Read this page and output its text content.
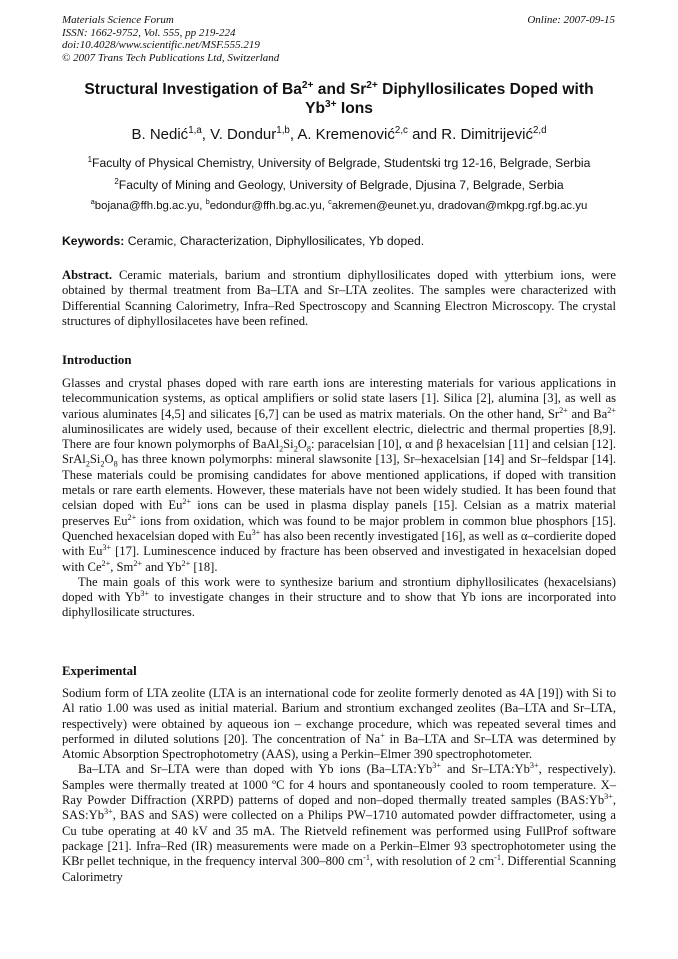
Materials Science Forum
ISSN: 1662-9752, Vol. 555, pp 219-224
doi:10.4028/www.scientific.net/MSF.555.219
© 2007 Trans Tech Publications Ltd, Switzerland
Online: 2007-09-15
Structural Investigation of $Ba^{2+}$ and $Sr^{2+}$ Diphyllosilicates Doped with
$Yb^{3+}$ Ions
B. Nedić$^{1,a}$, V. Dondur$^{1,b}$, A. Kremenović$^{2,c}$ and R. Dimitrijević$^{2,d}$
$^1$Faculty of Physical Chemistry, University of Belgrade, Studentski trg 12-16, Belgrade, Serbia
$^2$Faculty of Mining and Geology, University of Belgrade, Djusina 7, Belgrade, Serbia
$^a$bojana@ffh.bg.ac.yu, $^b$edondur@ffh.bg.ac.yu, $^c$akremen@eunet.yu, dradovan@mkpg.rgf.bg.ac.yu
Keywords: Ceramic, Characterization, Diphyllosilicates, Yb doped.

Abstract. Ceramic materials, barium and strontium diphyllosilicates doped with ytterbium ions, were obtained by thermal treatment from Ba–LTA and Sr–LTA zeolites. The samples were characterized with Differential Scanning Calorimetry, Infra–Red Spectroscopy and Scanning Electron Microscopy. The crystal structures of diphyllosilacetes have been refined.

Introduction

Glasses and crystal phases doped with rare earth ions are interesting materials for various applications in telecommunication systems, as optical amplifiers or solid state lasers [1]. Silica [2], alumina [3], as well as various aluminates [4,5] and silicates [6,7] can be used as matrix materials. On the other hand, $Sr^{2+}$ and $Ba^{2+}$ aluminosilicates are widely used, because of their excellent electric, dielectric and thermal properties [8,9]. There are four known polymorphs of $BaAl_2Si_2O_8$: paracelsian [10], α and β hexacelsian [11] and celsian [12]. $SrAl_2Si_2O_8$ has three known polymorphs: mineral slawsonite [13], Sr–hexacelsian [14] and Sr–feldspar [14]. These materials could be promising candidates for above mentioned applications, if doped with transition metals or rare earth elements. However, these materials have not been widely studied. It has been found that celsian doped with $Eu^{2+}$ ions can be used in plasma display panels [15]. Celsian as a matrix material preserves $Eu^{2+}$ ions from oxidation, which was found to be major problem in common blue phosphors [15]. Quenched hexacelsian doped with $Eu^{3+}$ has also been recently investigated [16], as well as α–cordierite doped with $Eu^{3+}$ [17]. Luminescence induced by fracture has been observed and investigated in hexacelsian doped with $Ce^{2+}$, $Sm^{2+}$ and $Yb^{2+}$ [18].

The main goals of this work were to synthesize barium and strontium diphyllosilicates (hexacelsians) doped with $Yb^{3+}$ to investigate changes in their structure and to show that Yb ions are incorporated into diphyllosilicate structures.

Experimental

Sodium form of LTA zeolite (LTA is an international code for zeolite formerly denoted as 4A [19]) with Si to Al ratio 1.00 was used as initial material. Barium and strontium exchanged zeolites (Ba–LTA and Sr–LTA, respectively) were obtained by aqueous ion – exchange procedure, which was repeated several times and performed in diluted solutions [20]. The concentration of Na+ in Ba–LTA and Sr–LTA was determined by Atomic Absorption Spectrophotometry (AAS), using a Perkin–Elmer 390 spectrophotometer.

Ba–LTA and Sr–LTA were than doped with Yb ions ($Ba-LTA:Yb^{3+}$ and $Sr-LTA:Yb^{3+}$, respectively). Samples were thermally treated at 1000 ºC for 4 hours and spontaneously cooled to room temperature. X–Ray Powder Diffraction (XRPD) patterns of doped and non–doped thermally treated samples ($BAS:Yb^{3+}$, $SAS:Yb^{3+}$, BAS and SAS) were collected on a Philips PW–1710 automated powder diffractometer, using a Cu tube operating at 40 kV and 35 mA. The Rietveld refinement was performed using FullProf software package [21]. Infra–Red (IR) measurements were made on a Perkin–Elmer 93 spectrophotometer using the KBr pellet technique, in the frequency interval 300–800 $cm^{-1}$, with resolution of 2 $cm^{-1}$. Differential Scanning Calorimetry
